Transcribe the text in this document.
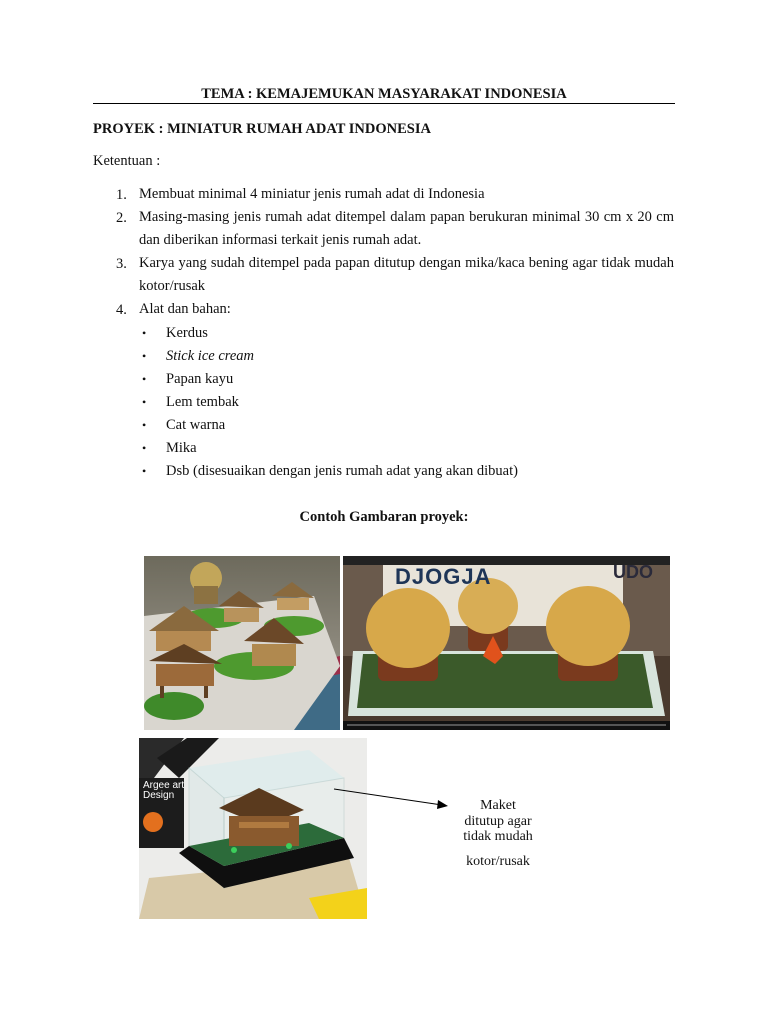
TEMA : KEMAJEMUKAN MASYARAKAT INDONESIA
PROYEK : MINIATUR RUMAH ADAT INDONESIA
Ketentuan :
1. Membuat minimal 4 miniatur jenis rumah adat di Indonesia
2. Masing-masing jenis rumah adat ditempel dalam papan berukuran minimal 30 cm x 20 cm dan diberikan informasi terkait jenis rumah adat.
3. Karya yang sudah ditempel pada papan ditutup dengan mika/kaca bening agar tidak mudah kotor/rusak
4. Alat dan bahan:
• Kerdus
• Stick ice cream
• Papan kayu
• Lem tembak
• Cat warna
• Mika
• Dsb (disesuaikan dengan jenis rumah adat yang akan dibuat)
Contoh Gambaran proyek:
DJOGJA	UDO
Argee art
Design
Maket
ditutup agar
tidak mudah
kotor/rusak
